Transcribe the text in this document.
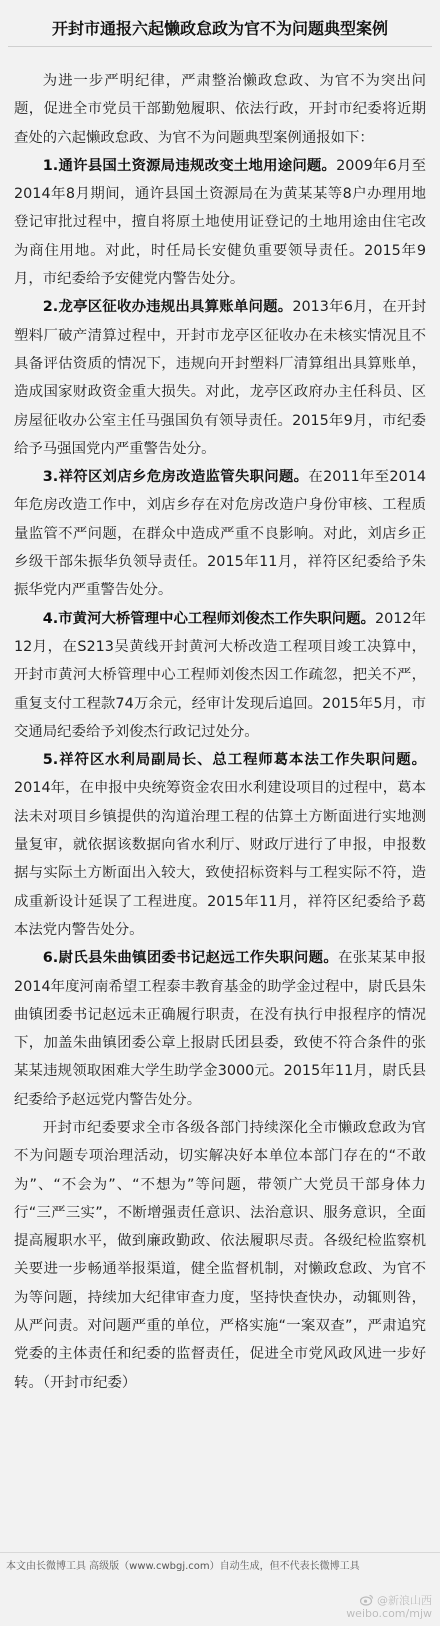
开封市通报六起懒政怠政为官不为问题典型案例

为进一步严明纪律，严肃整治懒政怠政、为官不为突出问题，促进全市党员干部勤勉履职、依法行政，开封市纪委将近期查处的六起懒政怠政、为官不为问题典型案例通报如下：

1.通许县国土资源局违规改变土地用途问题。2009年6月至2014年8月期间，通许县国土资源局在为黄某某等8户办理用地登记审批过程中，擅自将原土地使用证登记的土地用途由住宅改为商住用地。对此，时任局长安健负重要领导责任。2015年9月，市纪委给予安健党内警告处分。

2.龙亭区征收办违规出具算账单问题。2013年6月，在开封塑料厂破产清算过程中，开封市龙亭区征收办在未核实情况且不具备评估资质的情况下，违规向开封塑料厂清算组出具算账单，造成国家财政资金重大损失。对此，龙亭区政府办主任科员、区房屋征收办公室主任马强国负有领导责任。2015年9月，市纪委给予马强国党内严重警告处分。

3.祥符区刘店乡危房改造监管失职问题。在2011年至2014年危房改造工作中，刘店乡存在对危房改造户身份审核、工程质量监管不严问题，在群众中造成严重不良影响。对此，刘店乡正乡级干部朱振华负领导责任。2015年11月，祥符区纪委给予朱振华党内严重警告处分。

4.市黄河大桥管理中心工程师刘俊杰工作失职问题。2012年12月，在S213吴黄线开封黄河大桥改造工程项目竣工决算中，开封市黄河大桥管理中心工程师刘俊杰因工作疏忽，把关不严，重复支付工程款74万余元，经审计发现后追回。2015年5月，市交通局纪委给予刘俊杰行政记过处分。

5.祥符区水利局副局长、总工程师葛本法工作失职问题。2014年，在申报中央统筹资金农田水利建设项目的过程中，葛本法未对项目乡镇提供的沟道治理工程的估算土方断面进行实地测量复审，就依据该数据向省水利厅、财政厅进行了申报，申报数据与实际土方断面出入较大，致使招标资料与工程实际不符，造成重新设计延误了工程进度。2015年11月，祥符区纪委给予葛本法党内警告处分。

6.尉氏县朱曲镇团委书记赵远工作失职问题。在张某某申报2014年度河南希望工程泰丰教育基金的助学金过程中，尉氏县朱曲镇团委书记赵远未正确履行职责，在没有执行申报程序的情况下，加盖朱曲镇团委公章上报尉氏团县委，致使不符合条件的张某某违规领取困难大学生助学金3000元。2015年11月，尉氏县纪委给予赵远党内警告处分。

开封市纪委要求全市各级各部门持续深化全市懒政怠政为官不为问题专项治理活动，切实解决好本单位本部门存在的“不敢为”、“不会为”、“不想为”等问题，带领广大党员干部身体力行“三严三实”，不断增强责任意识、法治意识、服务意识，全面提高履职水平，做到廉政勤政、依法履职尽责。各级纪检监察机关要进一步畅通举报渠道，健全监督机制，对懒政怠政、为官不为等问题，持续加大纪律审查力度，坚持快查快办，动辄则咎，从严问责。对问题严重的单位，严格实施“一案双查”，严肃追究党委的主体责任和纪委的监督责任，促进全市党风政风进一步好转。（开封市纪委）

本文由长微博工具 高级版（www.cwbgj.com）自动生成，但不代表长微博工具
@新浪山西
weibo.com/mjw
